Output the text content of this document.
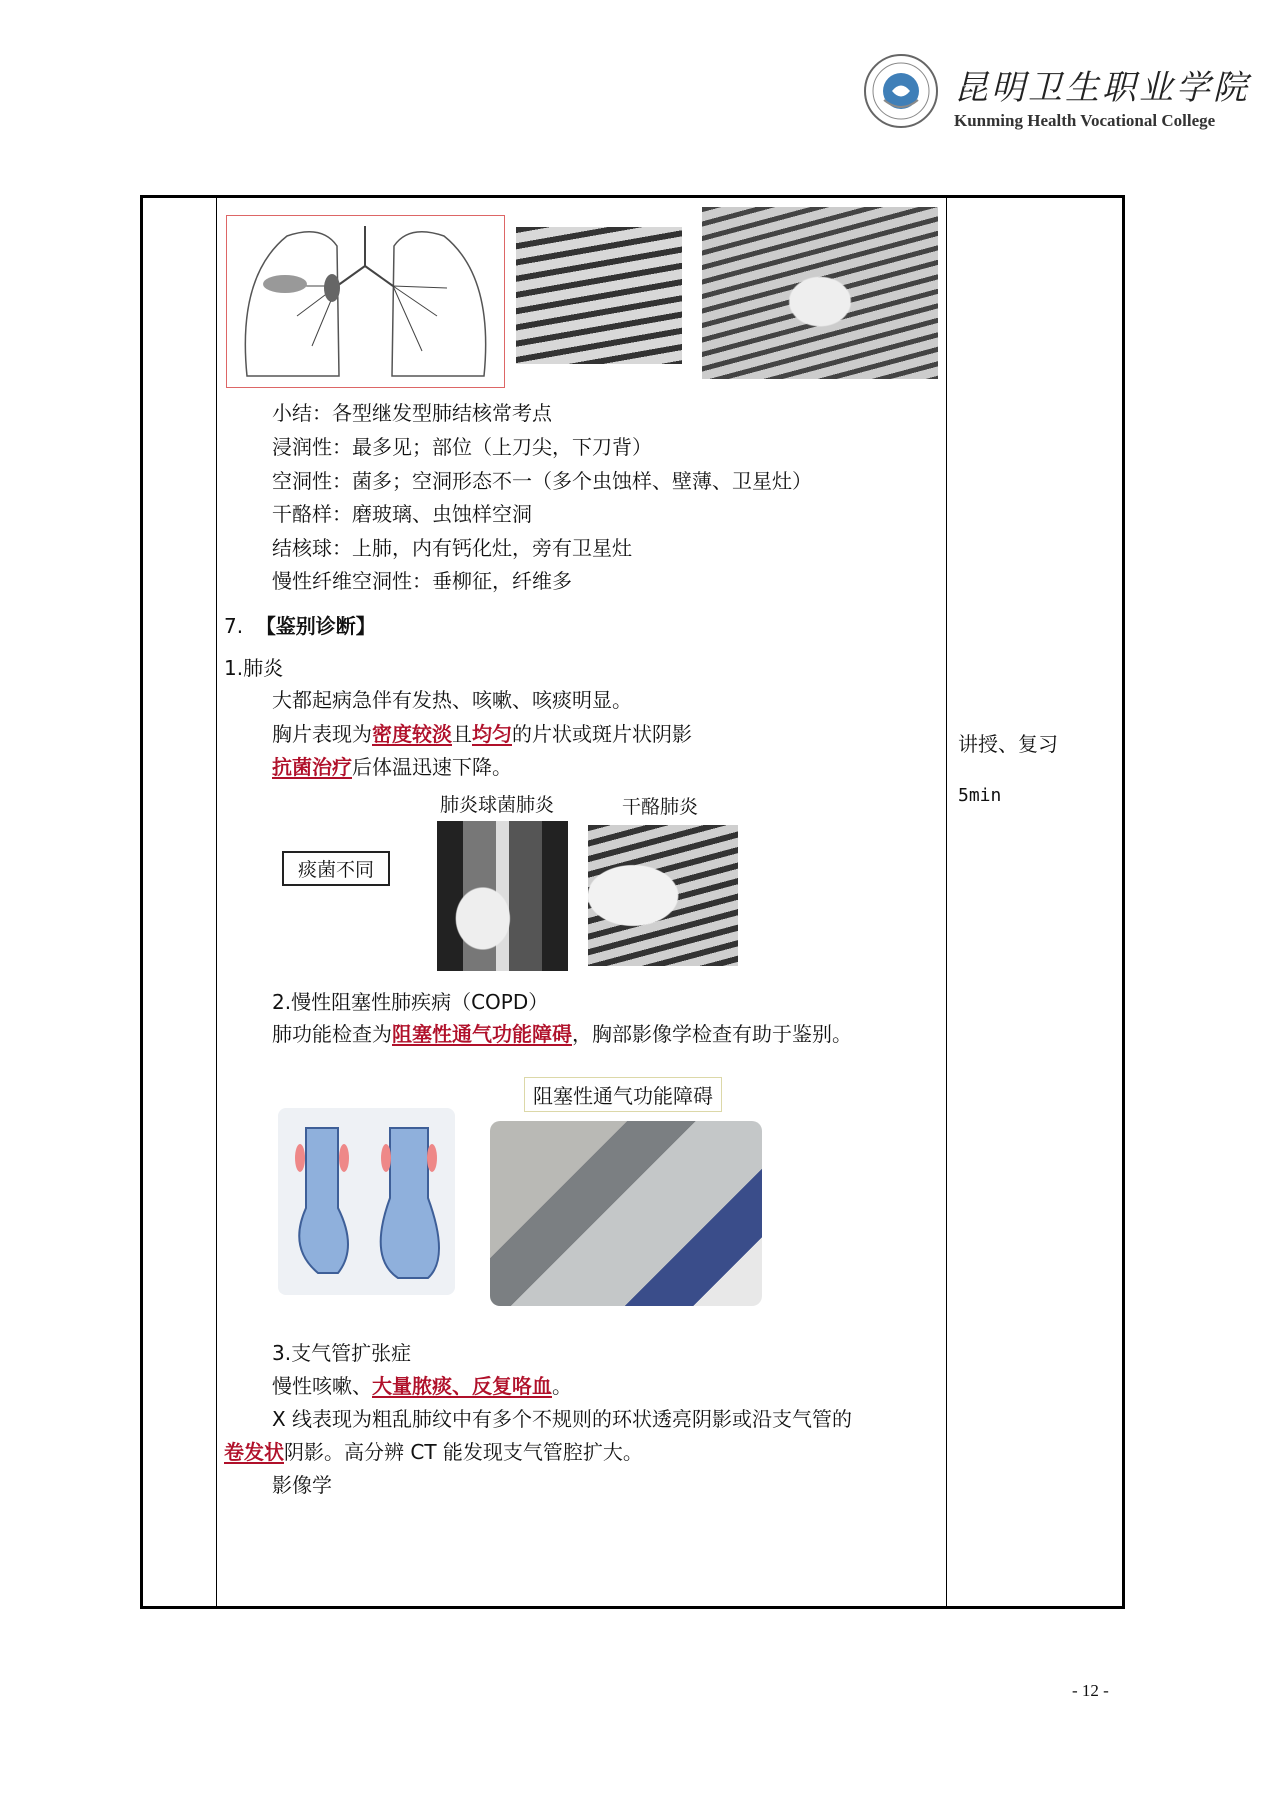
昆明卫生职业学院
Kunming Health Vocational College
小结：各型继发型肺结核常考点
浸润性：最多见；部位（上刀尖，下刀背）
空洞性：菌多；空洞形态不一（多个虫蚀样、壁薄、卫星灶）
干酪样：磨玻璃、虫蚀样空洞
结核球：上肺，内有钙化灶，旁有卫星灶
慢性纤维空洞性：垂柳征，纤维多
7. 【鉴别诊断】
1.肺炎
大都起病急伴有发热、咳嗽、咳痰明显。
胸片表现为密度较淡且均匀的片状或斑片状阴影
抗菌治疗后体温迅速下降。
肺炎球菌肺炎	干酪肺炎
痰菌不同
2.慢性阻塞性肺疾病（COPD）
肺功能检查为阻塞性通气功能障碍，胸部影像学检查有助于鉴别。
阻塞性通气功能障碍
3.支气管扩张症
慢性咳嗽、大量脓痰、反复咯血。
X 线表现为粗乱肺纹中有多个不规则的环状透亮阴影或沿支气管的
卷发状阴影。高分辨 CT 能发现支气管腔扩大。
影像学
讲授、复习
5min
- 12 -
